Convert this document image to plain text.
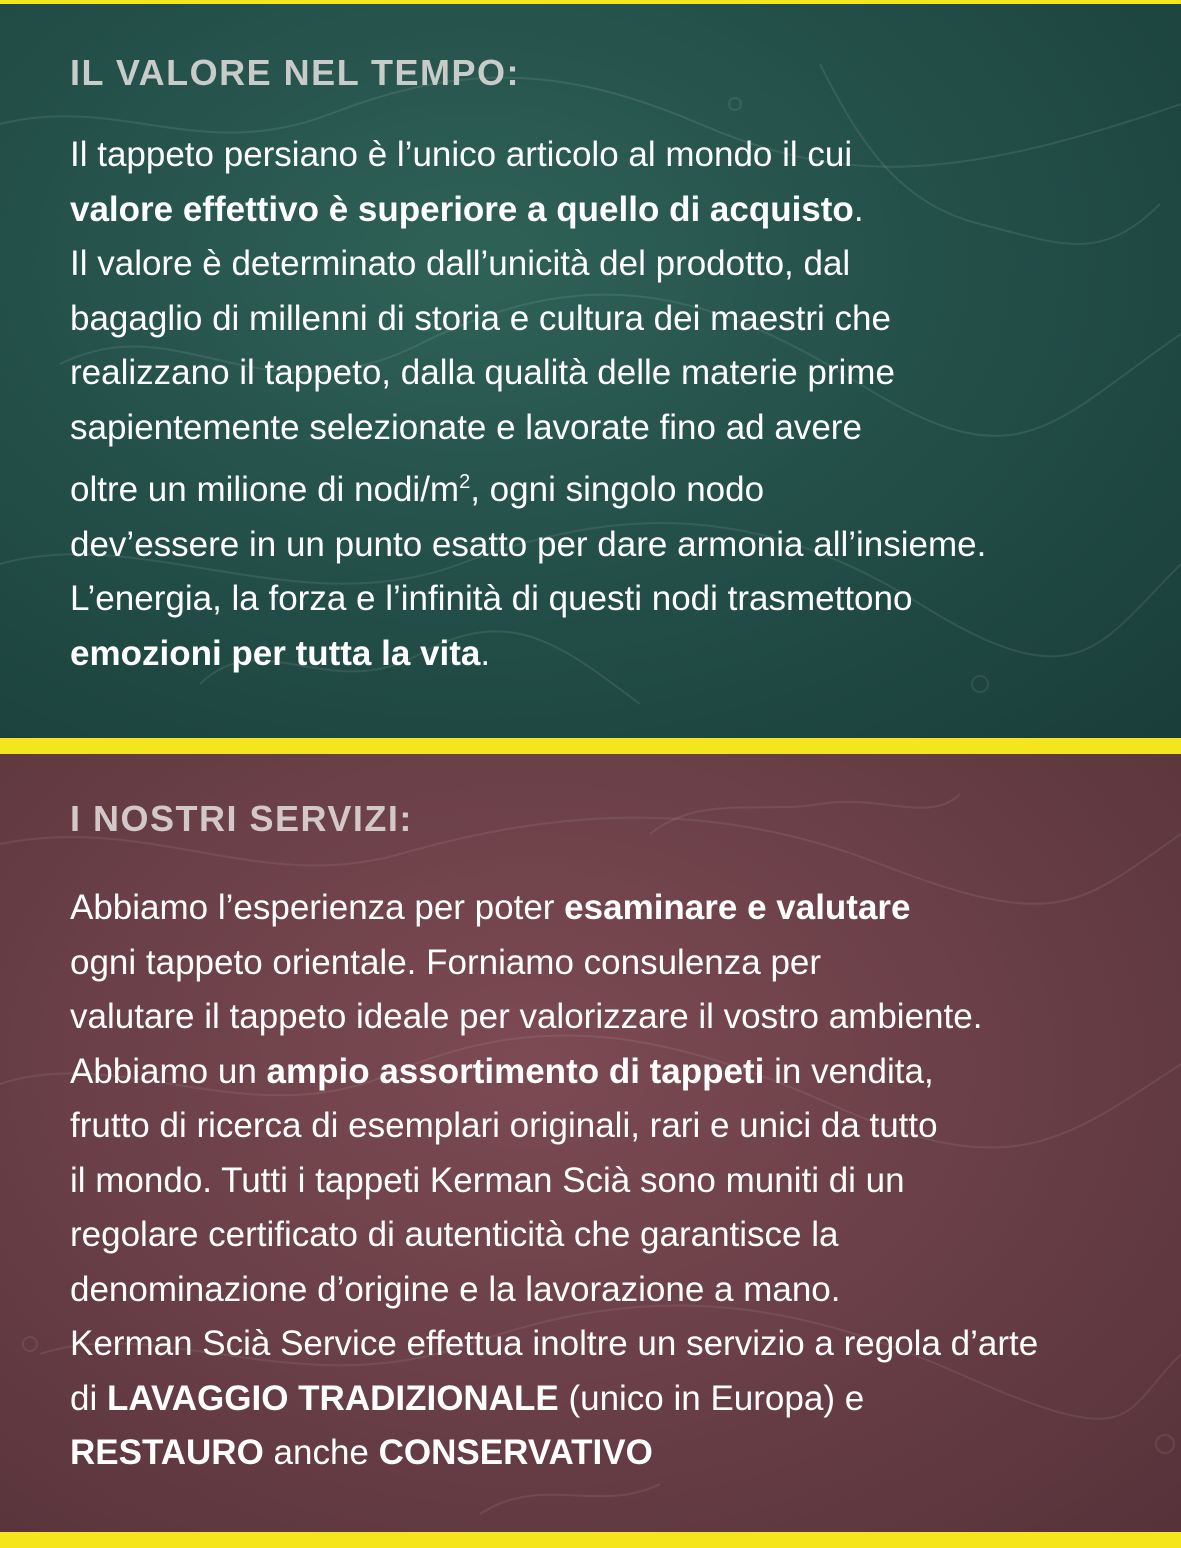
IL VALORE NEL TEMPO:

Il tappeto persiano è l’unico articolo al mondo il cui
valore effettivo è superiore a quello di acquisto.
Il valore è determinato dall’unicità del prodotto, dal
bagaglio di millenni di storia e cultura dei maestri che
realizzano il tappeto, dalla qualità delle materie prime
sapientemente selezionate e lavorate fino ad avere
oltre un milione di nodi/$m^2$, ogni singolo nodo
dev’essere in un punto esatto per dare armonia all’insieme.
L’energia, la forza e l’infinità di questi nodi trasmettono
emozioni per tutta la vita.

I NOSTRI SERVIZI:

Abbiamo l’esperienza per poter esaminare e valutare
ogni tappeto orientale. Forniamo consulenza per
valutare il tappeto ideale per valorizzare il vostro ambiente.
Abbiamo un ampio assortimento di tappeti in vendita,
frutto di ricerca di esemplari originali, rari e unici da tutto
il mondo. Tutti i tappeti Kerman Scià sono muniti di un
regolare certificato di autenticità che garantisce la
denominazione d’origine e la lavorazione a mano.
Kerman Scià Service effettua inoltre un servizio a regola d’arte
di LAVAGGIO TRADIZIONALE (unico in Europa) e
RESTAURO anche CONSERVATIVO
